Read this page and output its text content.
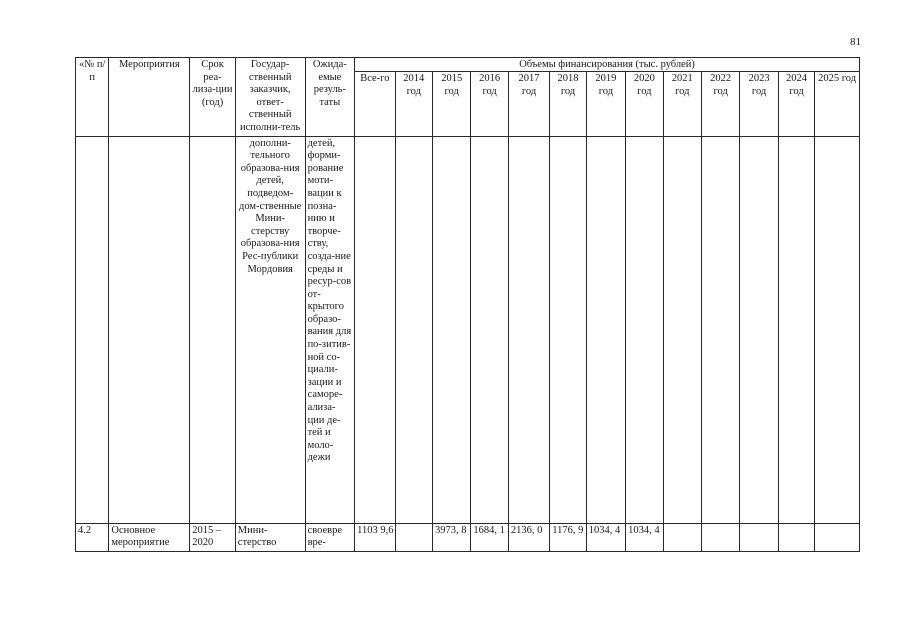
81
«№ п/п	Мероприятия	Срок реа-лиза-ции (год)	Государ-ственный заказчик, ответ-ственный исполни-тель	Ожида-емые резуль-таты	Объемы финансирования (тыс. рублей)												
					Все-го	2014 год	2015 год	2016 год	2017 год	2018 год	2019 год	2020 год	2021 год	2022 год	2023 год	2024 год	2025 год
			дополни-тельного образова-ния детей, подведом-дом-ственные Мини-стерству образова-ния Рес-публики Мордовия	детей, форми-рование моти-вации к позна-нию и творче-ству, созда-ние среды и ресур-сов от-крытого образо-вания для по-зитив-ной со-циали-зации и саморе-ализа-ции де-тей и моло-дежи													
4.2	Основное мероприятие	2015 – 2020	Мини-стерство	своевре вре-	1103 9,6		3973, 8	1684, 1	2136, 0	1176, 9	1034, 4	1034, 4					
